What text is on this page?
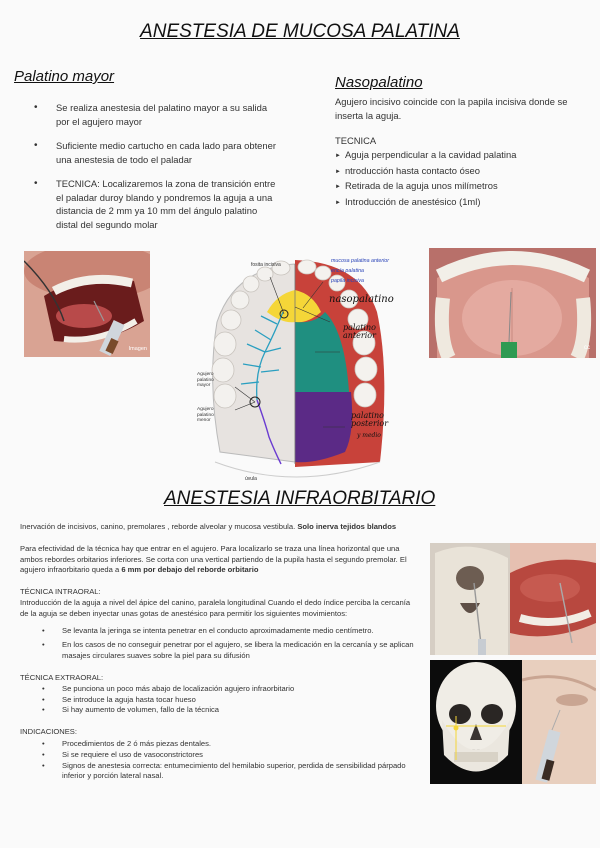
ANESTESIA DE MUCOSA PALATINA
Palatino mayor
• Se realiza anestesia del palatino mayor a su salida por el agujero mayor
• Suficiente medio cartucho en cada lado para obtener una anestesia de todo el paladar
• TECNICA: Localizaremos la zona de transición entre el paladar duroy blando y pondremos la aguja a una distancia de 2 mm ya 10 mm del ángulo palatino distal del segundo molar
Nasopalatino

Agujero incisivo coincide con la papila incisiva donde se inserta la aguja.

TECNICA

► Aguja perpendicular a la cavidad palatina
► ntroducción hasta contacto óseo
► Retirada de la aguja unos milímetros
► Introducción de anestésico (1ml)
Imagen
fosita incisiva
mucosa palatina anterior
encía palatina
papila incisiva
nasopalatino
palatino anterior
Agujero palatino mayor
Agujero palatino menor
palatino posterior
y medio
úvula
cc
ANESTESIA INFRAORBITARIO

Inervación de incisivos, canino, premolares , reborde alveolar y mucosa vestibula. Solo inerva tejidos blandos

Para efectividad de la técnica hay que entrar en el agujero. Para localizarlo se traza una línea horizontal que una ambos rebordes orbitarios inferiores. Se corta con una vertical partiendo de la pupila hasta el segundo premolar. El agujero infraorbitario queda a 6 mm por debajo del reborde orbitario

TÉCNICA INTRAORAL:

Introducción de la aguja a nivel del ápice del canino, paralela longitudinal Cuando el dedo índice perciba la cercanía de la aguja se deben inyectar unas gotas de anestésico para permitir los siguientes movimientos:

• Se levanta la jeringa se intenta penetrar en el conducto aproximadamente medio centímetro.
• En los casos de no conseguir penetrar por el agujero, se libera la medicación en la cercanía y se aplican masajes circulares suaves sobre la piel para su difusión

TÉCNICA EXTRAORAL:

• Se punciona un poco más abajo de localización agujero infraorbitario
• Se introduce la aguja hasta tocar hueso
• Si hay aumento de volumen, fallo de la técnica

INDICACIONES:

• Procedimientos de 2 ó más piezas dentales.
• Si se requiere el uso de vasoconstrictores
• Signos de anestesia correcta: entumecimiento del hemilabio superior, perdida de sensibilidad párpado inferior y porción lateral nasal.
